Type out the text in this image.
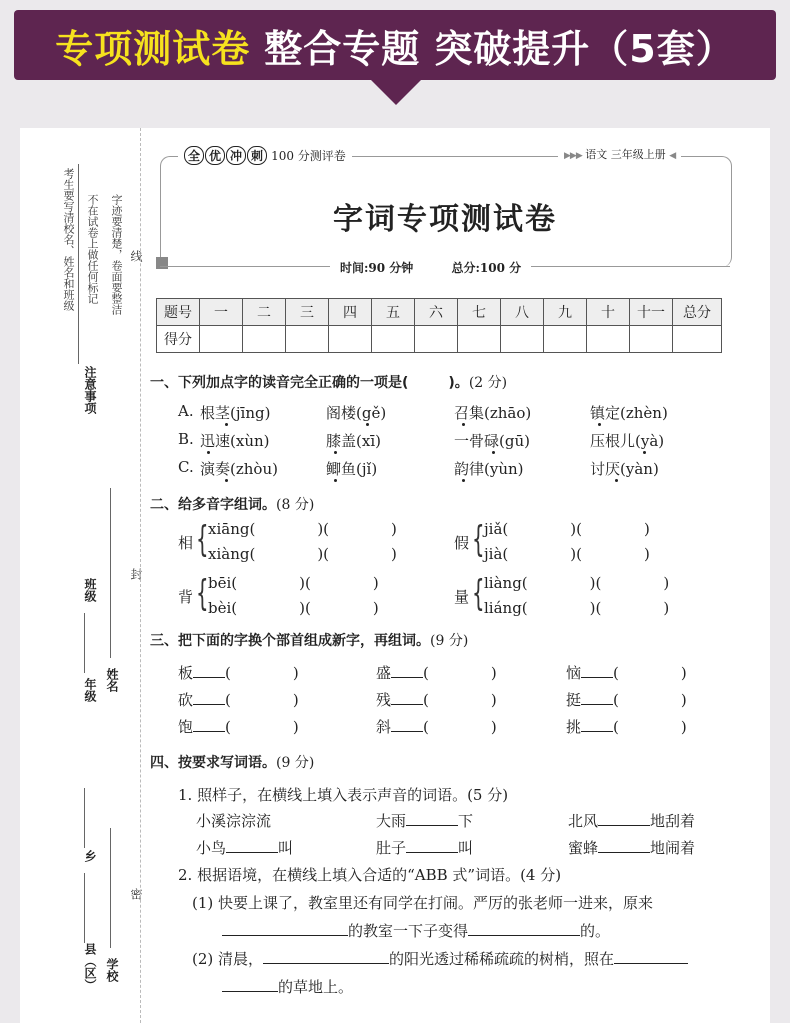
专项测试卷 整合专题 突破提升（5套）
考生要写清校名、姓名和班级 不在试卷上做任何标记 字迹要清楚，卷面要整洁
注意事项
班级
年级 姓名
乡
县（区） 学校
线
封
密
全 优 冲 刺 100 分测评卷	▶▶▶ 语文 三年级上册 ◀
字词专项测试卷
时间:90 分钟	总分:100 分
题号	一	二	三	四	五	六	七	八	九	十	十一	总分
得分												
一、下列加点字的读音完全正确的一项是(	)。(2 分)
A.
B.
C.
根茎(jīng)	阁楼(gě)	召集(zhāo)	镇定(zhèn)
迅速(xùn)	膝盖(xī)	一骨碌(gū)	压根儿(yà)
演奏(zhòu)	鲫鱼(jǐ)	韵律(yùn)	讨厌(yàn)
二、给多音字组词。(8 分)
相 { xiāng(	)(	)
xiàng(	)(	)
假 { jiǎ(	)(	)
jià(	)(	)
背 { bēi(	)(	)
bèi(	)(	)
量 { liàng(	)(	)
liáng(	)(	)
三、把下面的字换个部首组成新字，再组词。(9 分)
板 (	)	盛 (	)	恼 (	)
砍 (	)	残 (	)	挺 (	)
饱 (	)	斜 (	)	挑 (	)
四、按要求写词语。(9 分)
1. 照样子，在横线上填入表示声音的词语。(5 分)
小溪淙淙流	大雨	下	北风	地刮着
小鸟	叫	肚子	叫	蜜蜂	地闹着
2. 根据语境，在横线上填入合适的“ABB 式”词语。(4 分)
(1) 快要上课了，教室里还有同学在打闹。严厉的张老师一进来，原来
的教室一下子变得	的。
(2) 清晨，	的阳光透过稀稀疏疏的树梢，照在
的草地上。
